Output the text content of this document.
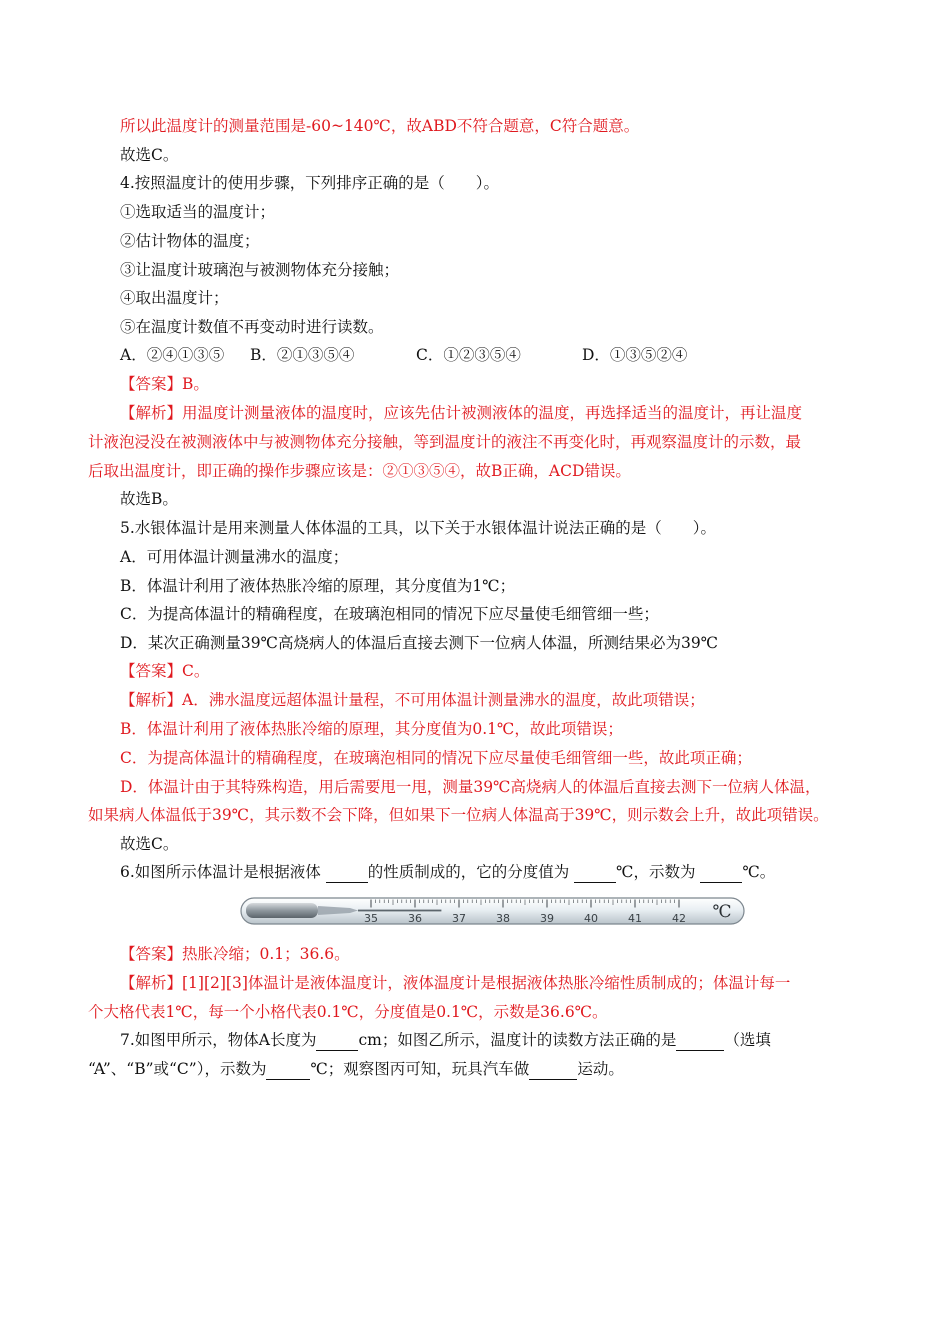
所以此温度计的测量范围是-60~140℃，故ABD不符合题意，C符合题意。
故选C。
4.按照温度计的使用步骤，下列排序正确的是（　　）。
①选取适当的温度计；
②估计物体的温度；
③让温度计玻璃泡与被测物体充分接触；
④取出温度计；
⑤在温度计数值不再变动时进行读数。
A．②④①③⑤ B．②①③⑤④	C．①②③⑤④	D．①③⑤②④
【答案】B。
【解析】用温度计测量液体的温度时，应该先估计被测液体的温度，再选择适当的温度计，再让温度
计液泡浸没在被测液体中与被测物体充分接触，等到温度计的液注不再变化时，再观察温度计的示数，最
后取出温度计，即正确的操作步骤应该是：②①③⑤④，故B正确，ACD错误。
故选B。
5.水银体温计是用来测量人体体温的工具，以下关于水银体温计说法正确的是（　　）。
A．可用体温计测量沸水的温度；
B．体温计利用了液体热胀冷缩的原理，其分度值为1℃；
C．为提高体温计的精确程度，在玻璃泡相同的情况下应尽量使毛细管细一些；
D．某次正确测量39℃高烧病人的体温后直接去测下一位病人体温，所测结果必为39℃
【答案】C。
【解析】A．沸水温度远超体温计量程，不可用体温计测量沸水的温度，故此项错误；
B．体温计利用了液体热胀冷缩的原理，其分度值为0.1℃，故此项错误；
C．为提高体温计的精确程度，在玻璃泡相同的情况下应尽量使毛细管细一些，故此项正确；
D．体温计由于其特殊构造，用后需要甩一甩，测量39℃高烧病人的体温后直接去测下一位病人体温，
如果病人体温低于39℃，其示数不会下降，但如果下一位病人体温高于39℃，则示数会上升，故此项错误。
故选C。
6.如图所示体温计是根据液体	的性质制成的，它的分度值为	℃，示数为	℃。
35	36	37	38	39	40	41	42 ℃
【答案】热胀冷缩；0.1；36.6。
【解析】[1][2][3]体温计是液体温度计，液体温度计是根据液体热胀冷缩性质制成的；体温计每一
个大格代表1℃，每一个小格代表0.1℃，分度值是0.1℃，示数是36.6℃。
7.如图甲所示，物体A长度为	cm；如图乙所示，温度计的读数方法正确的是	（选填
“A”、“B”或“C”），示数为	℃；观察图丙可知，玩具汽车做	运动。
